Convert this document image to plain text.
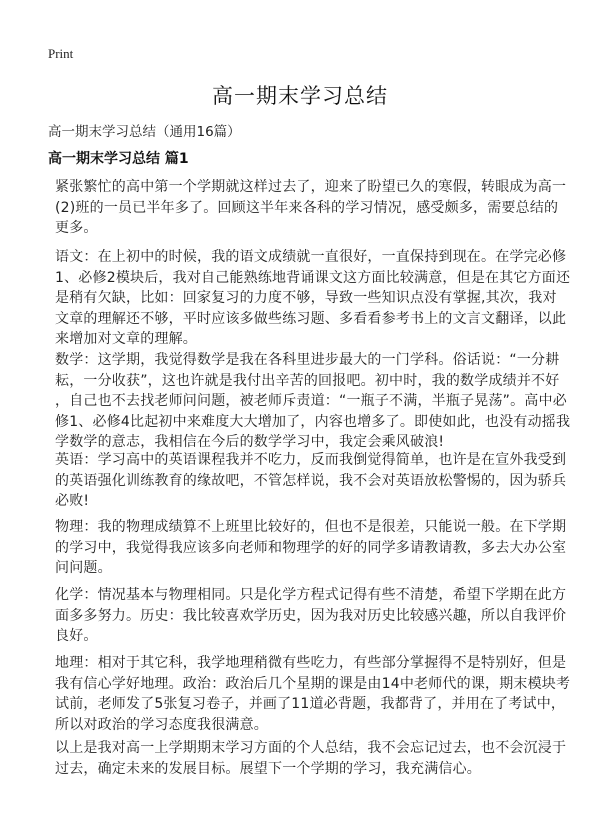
Print
高一期末学习总结
高一期末学习总结（通用16篇）
高一期末学习总结 篇1

紧张繁忙的高中第一个学期就这样过去了，迎来了盼望已久的寒假，转眼成为高一
(2)班的一员已半年多了。回顾这半年来各科的学习情况，感受颇多，需要总结的
更多。

语文：在上初中的时候，我的语文成绩就一直很好，一直保持到现在。在学完必修
1、必修2模块后，我对自己能熟练地背诵课文这方面比较满意，但是在其它方面还
是稍有欠缺，比如：回家复习的力度不够，导致一些知识点没有掌握,其次，我对
文章的理解还不够，平时应该多做些练习题、多看看参考书上的文言文翻译，以此
来增加对文章的理解。

数学：这学期，我觉得数学是我在各科里进步最大的一门学科。俗话说：“一分耕
耘，一分收获”，这也许就是我付出辛苦的回报吧。初中时，我的数学成绩并不好
，自己也不去找老师问问题，被老师斥责道：“一瓶子不满，半瓶子晃荡”。高中必
修1、必修4比起初中来难度大大增加了，内容也增多了。即使如此，也没有动摇我
学数学的意志，我相信在今后的数学学习中，我定会乘风破浪!

英语：学习高中的英语课程我并不吃力，反而我倒觉得简单，也许是在宣外我受到
的英语强化训练教育的缘故吧，不管怎样说，我不会对英语放松警惕的，因为骄兵
必败!

物理：我的物理成绩算不上班里比较好的，但也不是很差，只能说一般。在下学期
的学习中，我觉得我应该多向老师和物理学的好的同学多请教请教，多去大办公室
问问题。

化学：情况基本与物理相同。只是化学方程式记得有些不清楚，希望下学期在此方
面多多努力。历史：我比较喜欢学历史，因为我对历史比较感兴趣，所以自我评价
良好。

地理：相对于其它科，我学地理稍微有些吃力，有些部分掌握得不是特别好，但是
我有信心学好地理。政治：政治后几个星期的课是由14中老师代的课，期末模块考
试前，老师发了5张复习卷子，并画了11道必背题，我都背了，并用在了考试中，
所以对政治的学习态度我很满意。

以上是我对高一上学期期末学习方面的个人总结，我不会忘记过去，也不会沉浸于
过去，确定未来的发展目标。展望下一个学期的学习，我充满信心。
